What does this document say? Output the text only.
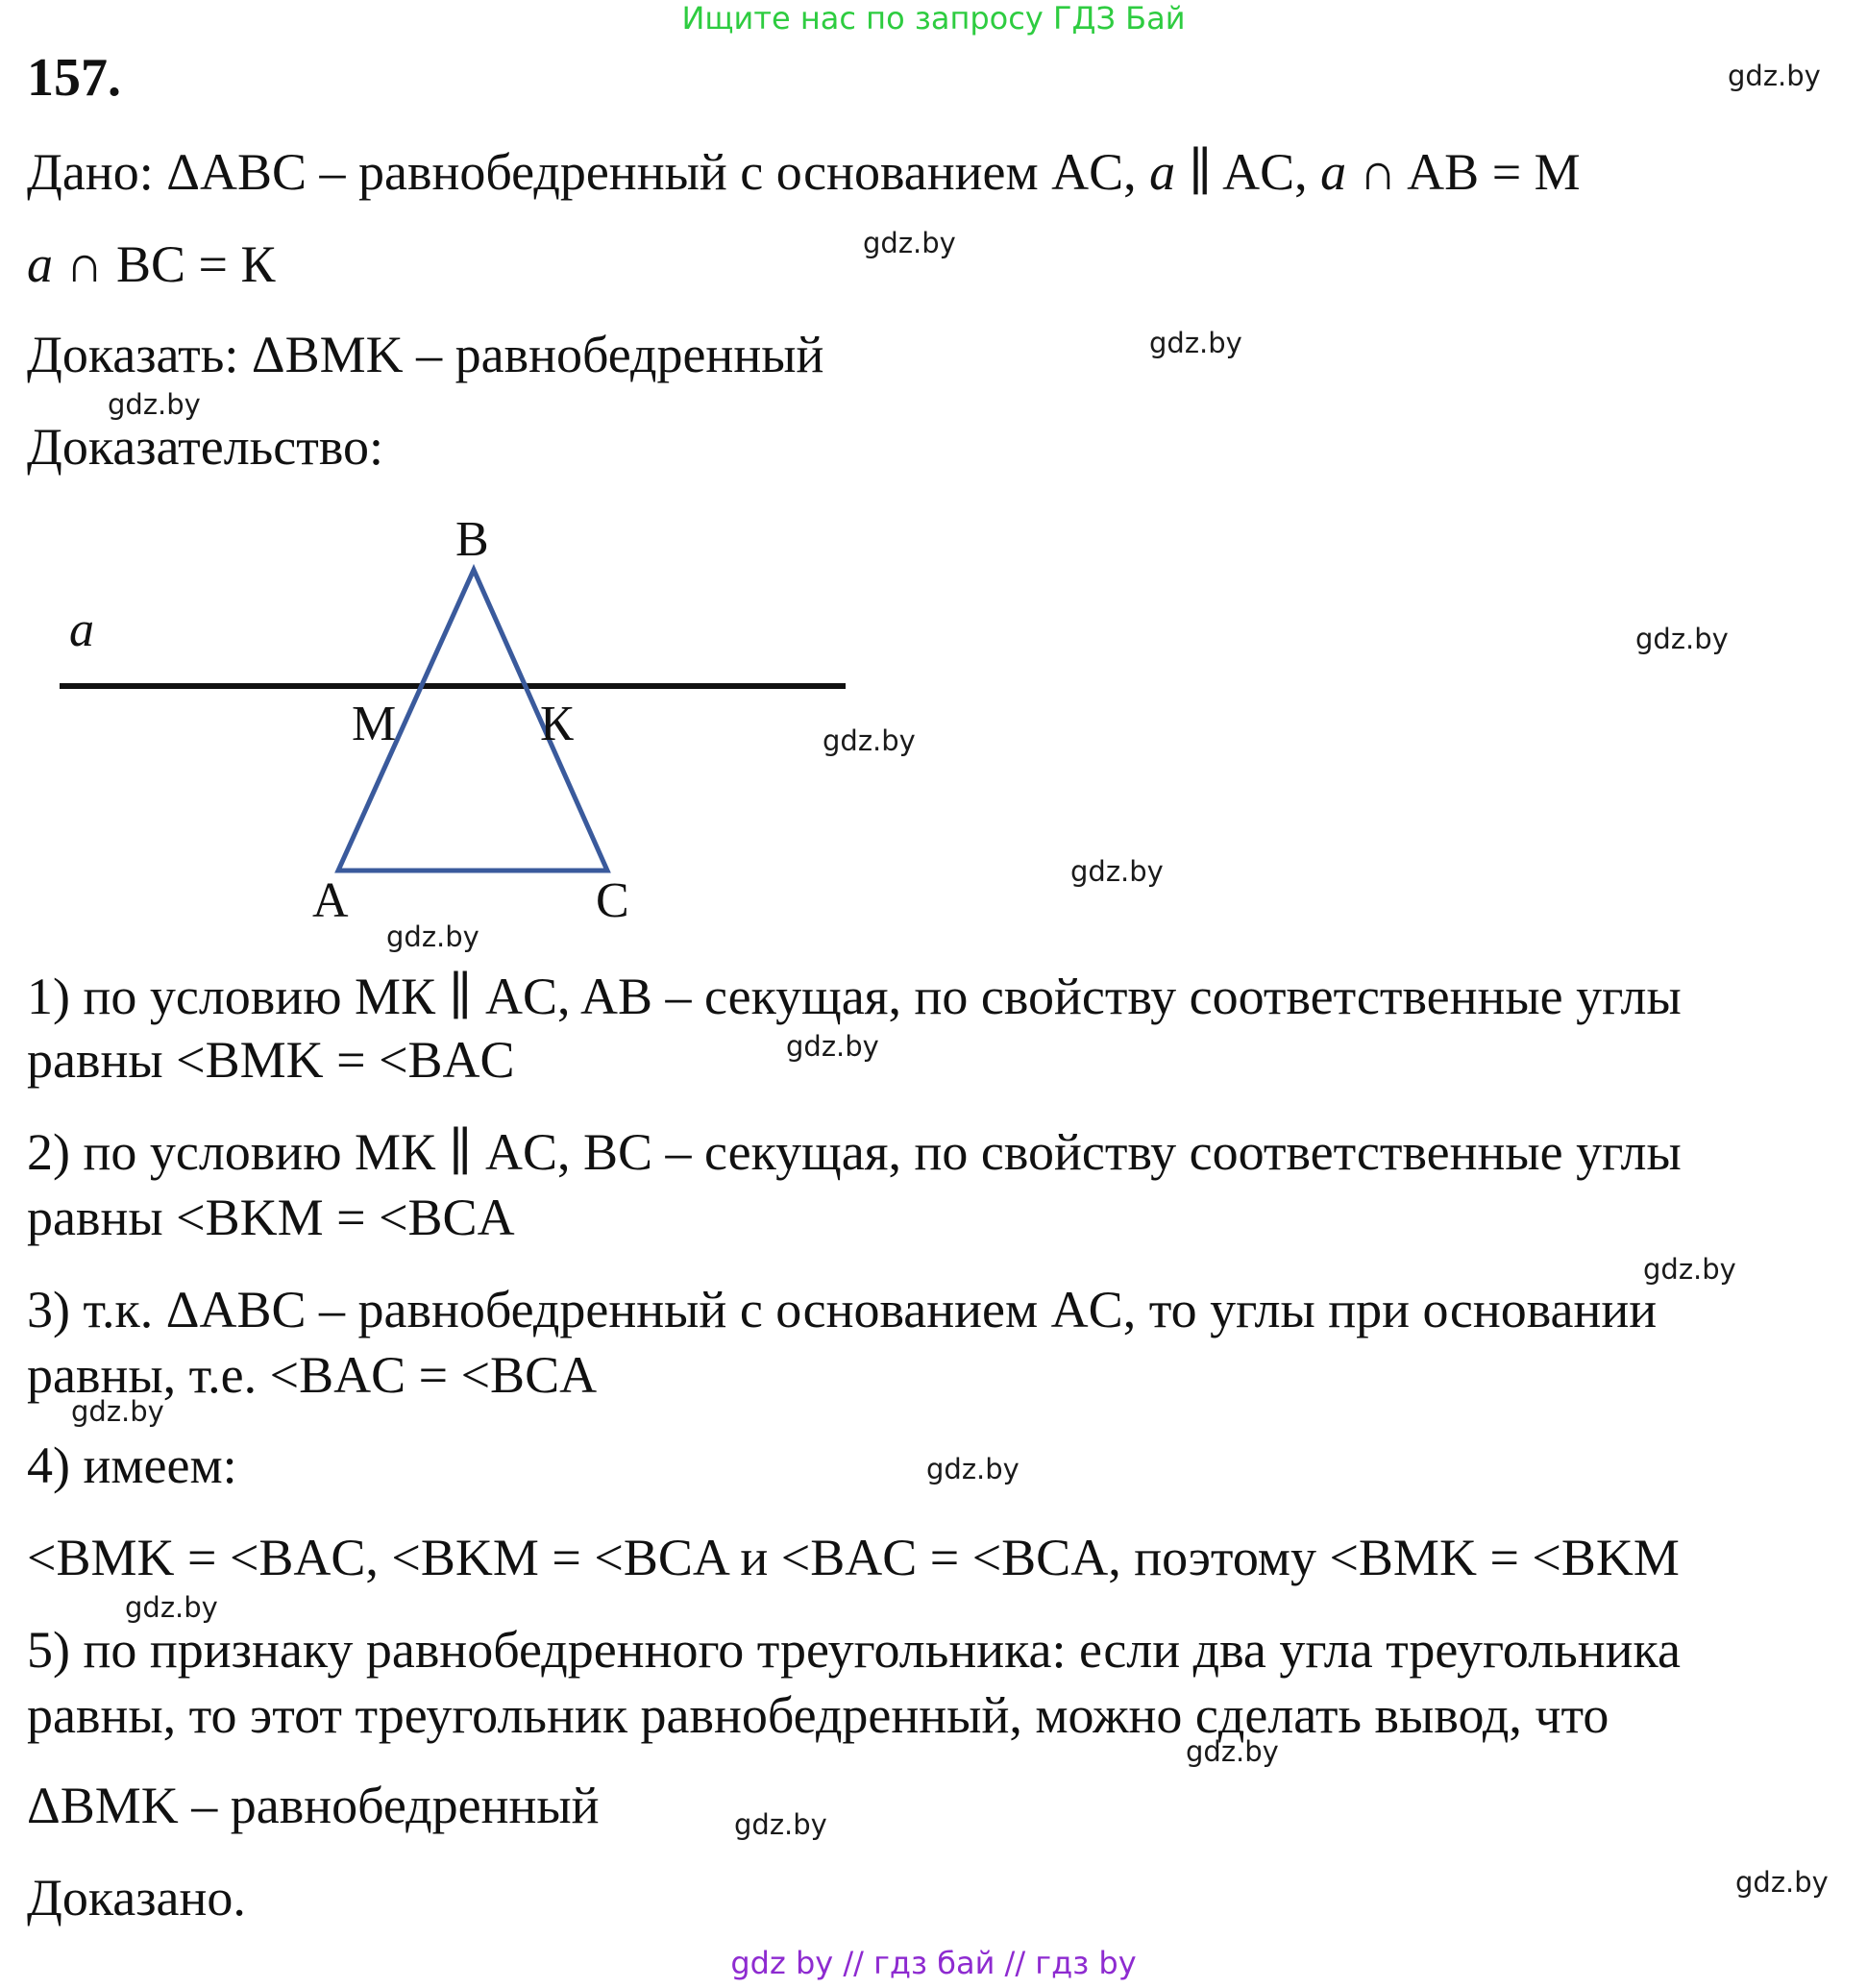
Ищите нас по запросу ГДЗ Бай
157.
Дано: ΔABC – равнобедренный с основанием AC, a ∥ AC, a ∩ AB = M
a ∩ BC = К
Доказать: ΔBMK – равнобедренный
Доказательство:
a
B
M	К
A	C
1) по условию МК ∥ AC, AB – секущая, по свойству соответственные углы
равны <BMK = <BAC
2) по условию МК ∥ AC, BC – секущая, по свойству соответственные углы
равны <BKM = <BCA
3) т.к. ΔABC – равнобедренный с основанием AC, то углы при основании
равны, т.е. <BAC = <BCA
4) имеем:
<BMK = <BAC, <BKM = <BCA и <BAC = <BCA, поэтому <BMK = <BKM
5) по признаку равнобедренного треугольника: если два угла треугольника
равны, то этот треугольник равнобедренный, можно сделать вывод, что
ΔBMK – равнобедренный
Доказано.
gdz.by
gdz.by
gdz.by
gdz.by
gdz.by
gdz.by
gdz.by
gdz.by
gdz.by
gdz.by
gdz.by
gdz.by
gdz.by
gdz.by
gdz.by
gdz.by
gdz by // гдз бай // гдз by
